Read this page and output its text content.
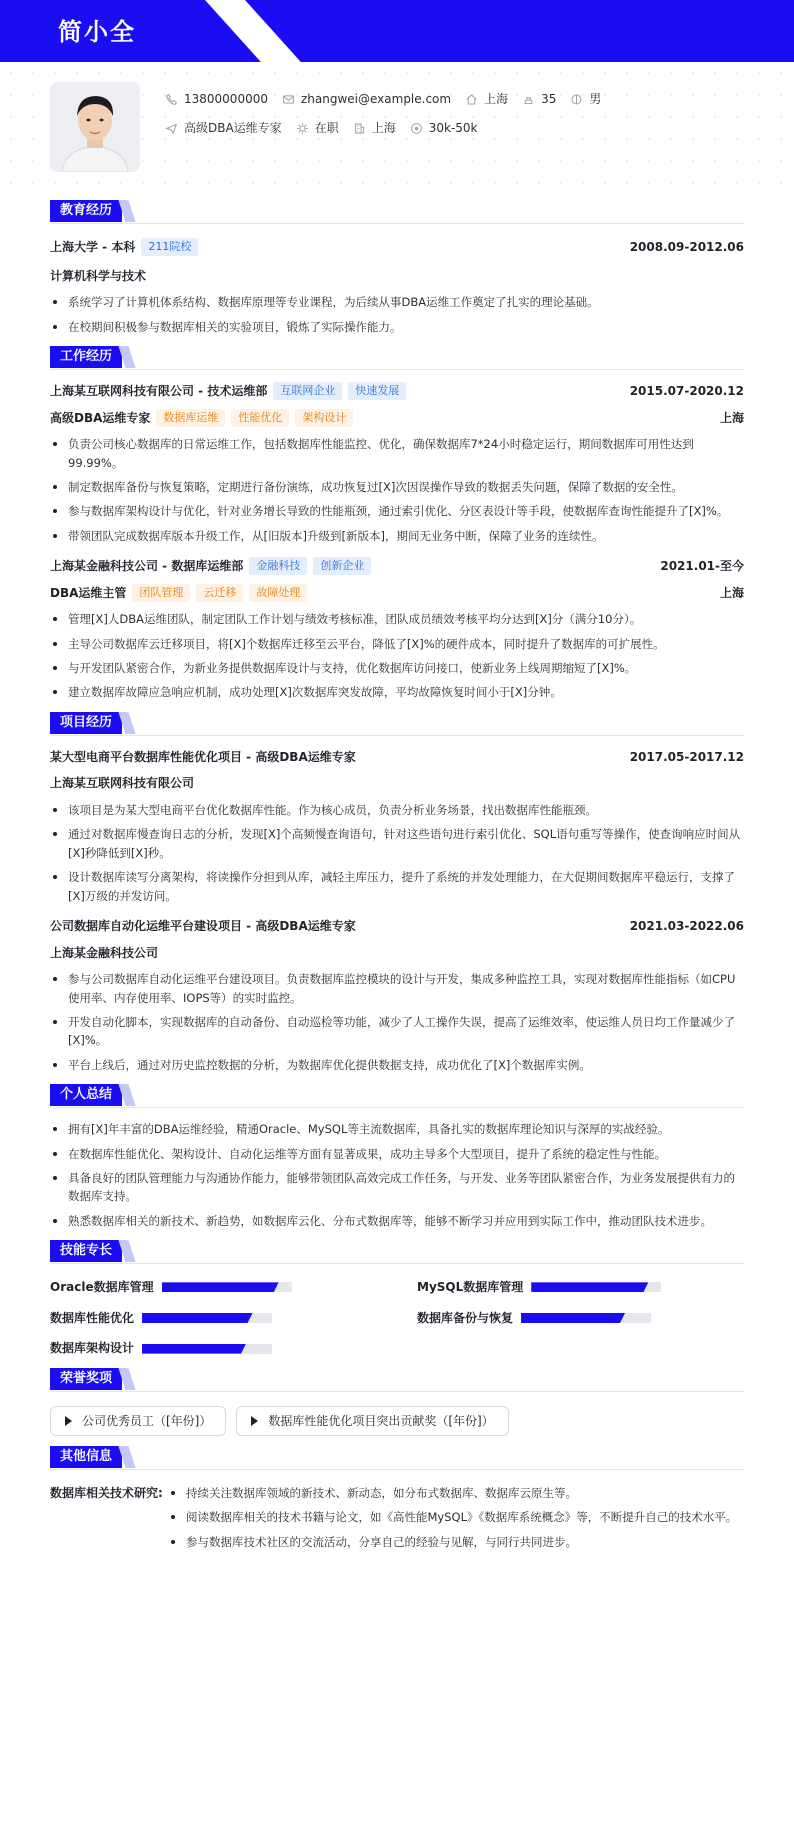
简小全
13800000000	zhangwei@example.com	上海	35	男
高级DBA运维专家	在职	上海	30k-50k
教育经历
上海大学 - 本科	211院校	2008.09-2012.06
计算机科学与技术
系统学习了计算机体系结构、数据库原理等专业课程，为后续从事DBA运维工作奠定了扎实的理论基础。
在校期间积极参与数据库相关的实验项目，锻炼了实际操作能力。
工作经历
上海某互联网科技有限公司 - 技术运维部	互联网企业	快速发展	2015.07-2020.12
高级DBA运维专家	数据库运维	性能优化	架构设计	上海
负责公司核心数据库的日常运维工作，包括数据库性能监控、优化，确保数据库7*24小时稳定运行，期间数据库可用性达到99.99%。
制定数据库备份与恢复策略，定期进行备份演练，成功恢复过[X]次因误操作导致的数据丢失问题，保障了数据的安全性。
参与数据库架构设计与优化，针对业务增长导致的性能瓶颈，通过索引优化、分区表设计等手段，使数据库查询性能提升了[X]%。
带领团队完成数据库版本升级工作，从[旧版本]升级到[新版本]，期间无业务中断，保障了业务的连续性。
上海某金融科技公司 - 数据库运维部	金融科技	创新企业	2021.01-至今
DBA运维主管	团队管理	云迁移	故障处理	上海
管理[X]人DBA运维团队，制定团队工作计划与绩效考核标准，团队成员绩效考核平均分达到[X]分（满分10分）。
主导公司数据库云迁移项目，将[X]个数据库迁移至云平台，降低了[X]%的硬件成本，同时提升了数据库的可扩展性。
与开发团队紧密合作，为新业务提供数据库设计与支持，优化数据库访问接口，使新业务上线周期缩短了[X]%。
建立数据库故障应急响应机制，成功处理[X]次数据库突发故障，平均故障恢复时间小于[X]分钟。
项目经历
某大型电商平台数据库性能优化项目 - 高级DBA运维专家	2017.05-2017.12
上海某互联网科技有限公司
该项目是为某大型电商平台优化数据库性能。作为核心成员，负责分析业务场景，找出数据库性能瓶颈。
通过对数据库慢查询日志的分析，发现[X]个高频慢查询语句，针对这些语句进行索引优化、SQL语句重写等操作，使查询响应时间从[X]秒降低到[X]秒。
设计数据库读写分离架构，将读操作分担到从库，减轻主库压力，提升了系统的并发处理能力，在大促期间数据库平稳运行，支撑了[X]万级的并发访问。
公司数据库自动化运维平台建设项目 - 高级DBA运维专家	2021.03-2022.06
上海某金融科技公司
参与公司数据库自动化运维平台建设项目。负责数据库监控模块的设计与开发，集成多种监控工具，实现对数据库性能指标（如CPU使用率、内存使用率、IOPS等）的实时监控。
开发自动化脚本，实现数据库的自动备份、自动巡检等功能，减少了人工操作失误，提高了运维效率，使运维人员日均工作量减少了[X]%。
平台上线后，通过对历史监控数据的分析，为数据库优化提供数据支持，成功优化了[X]个数据库实例。
个人总结
拥有[X]年丰富的DBA运维经验，精通Oracle、MySQL等主流数据库，具备扎实的数据库理论知识与深厚的实战经验。
在数据库性能优化、架构设计、自动化运维等方面有显著成果，成功主导多个大型项目，提升了系统的稳定性与性能。
具备良好的团队管理能力与沟通协作能力，能够带领团队高效完成工作任务，与开发、业务等团队紧密合作，为业务发展提供有力的数据库支持。
熟悉数据库相关的新技术、新趋势，如数据库云化、分布式数据库等，能够不断学习并应用到实际工作中，推动团队技术进步。
技能专长
Oracle数据库管理	MySQL数据库管理
数据库性能优化	数据库备份与恢复
数据库架构设计
荣誉奖项
公司优秀员工（[年份]）	数据库性能优化项目突出贡献奖（[年份]）
其他信息
数据库相关技术研究:	持续关注数据库领域的新技术、新动态，如分布式数据库、数据库云原生等。
阅读数据库相关的技术书籍与论文，如《高性能MySQL》《数据库系统概念》等，不断提升自己的技术水平。
参与数据库技术社区的交流活动，分享自己的经验与见解，与同行共同进步。
